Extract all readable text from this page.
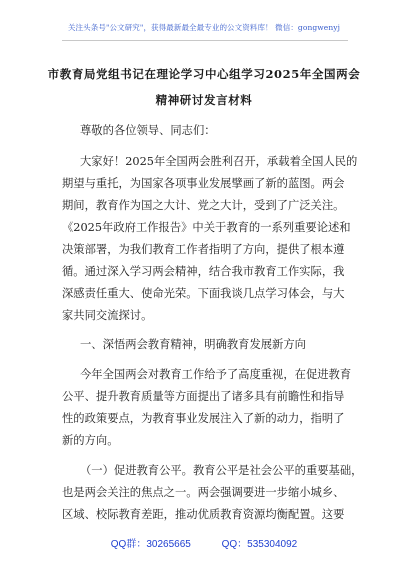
关注头条号"公文研究"，获得最新最全最专业的公文资料库！ 微信：gongwenyj
市教育局党组书记在理论学习中心组学习2025年全国两会
精神研讨发言材料
尊敬的各位领导、同志们：
大家好！2025年全国两会胜利召开，承载着全国人民的
期望与重托，为国家各项事业发展擘画了新的蓝图。两会
期间，教育作为国之大计、党之大计，受到了广泛关注。
《2025年政府工作报告》中关于教育的一系列重要论述和
决策部署，为我们教育工作者指明了方向，提供了根本遵
循。通过深入学习两会精神，结合我市教育工作实际，我
深感责任重大、使命光荣。下面我谈几点学习体会，与大
家共同交流探讨。
一、深悟两会教育精神，明确教育发展新方向
今年全国两会对教育工作给予了高度重视，在促进教育
公平、提升教育质量等方面提出了诸多具有前瞻性和指导
性的政策要点，为教育事业发展注入了新的动力，指明了
新的方向。
（一）促进教育公平。教育公平是社会公平的重要基础，
也是两会关注的焦点之一。两会强调要进一步缩小城乡、
区域、校际教育差距，推动优质教育资源均衡配置。这要
QQ群：30265665	QQ：535304092
